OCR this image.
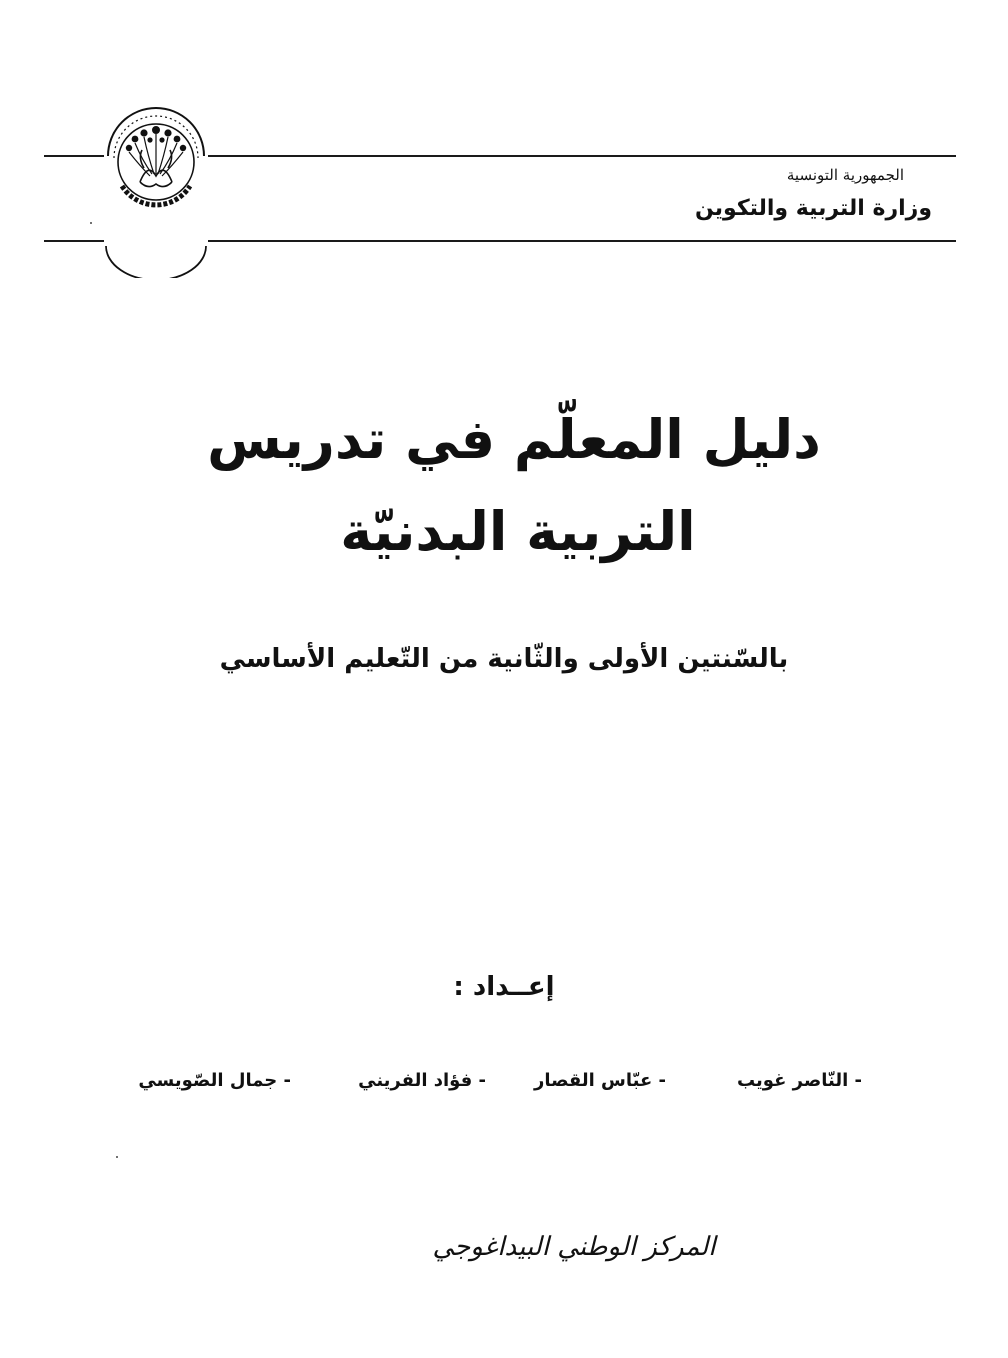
الجمهورية التونسية
وزارة التربية والتكوين
دليل المعلّم في تدريس
التربية البدنيّة
بالسّنتين الأولى والثّانية من التّعليم الأساسي
إعــداد :
- النّاصر غويب
- عبّاس القصار
- فؤاد الفريني
- جمال الصّويسي
المركز الوطني البيداغوجي
